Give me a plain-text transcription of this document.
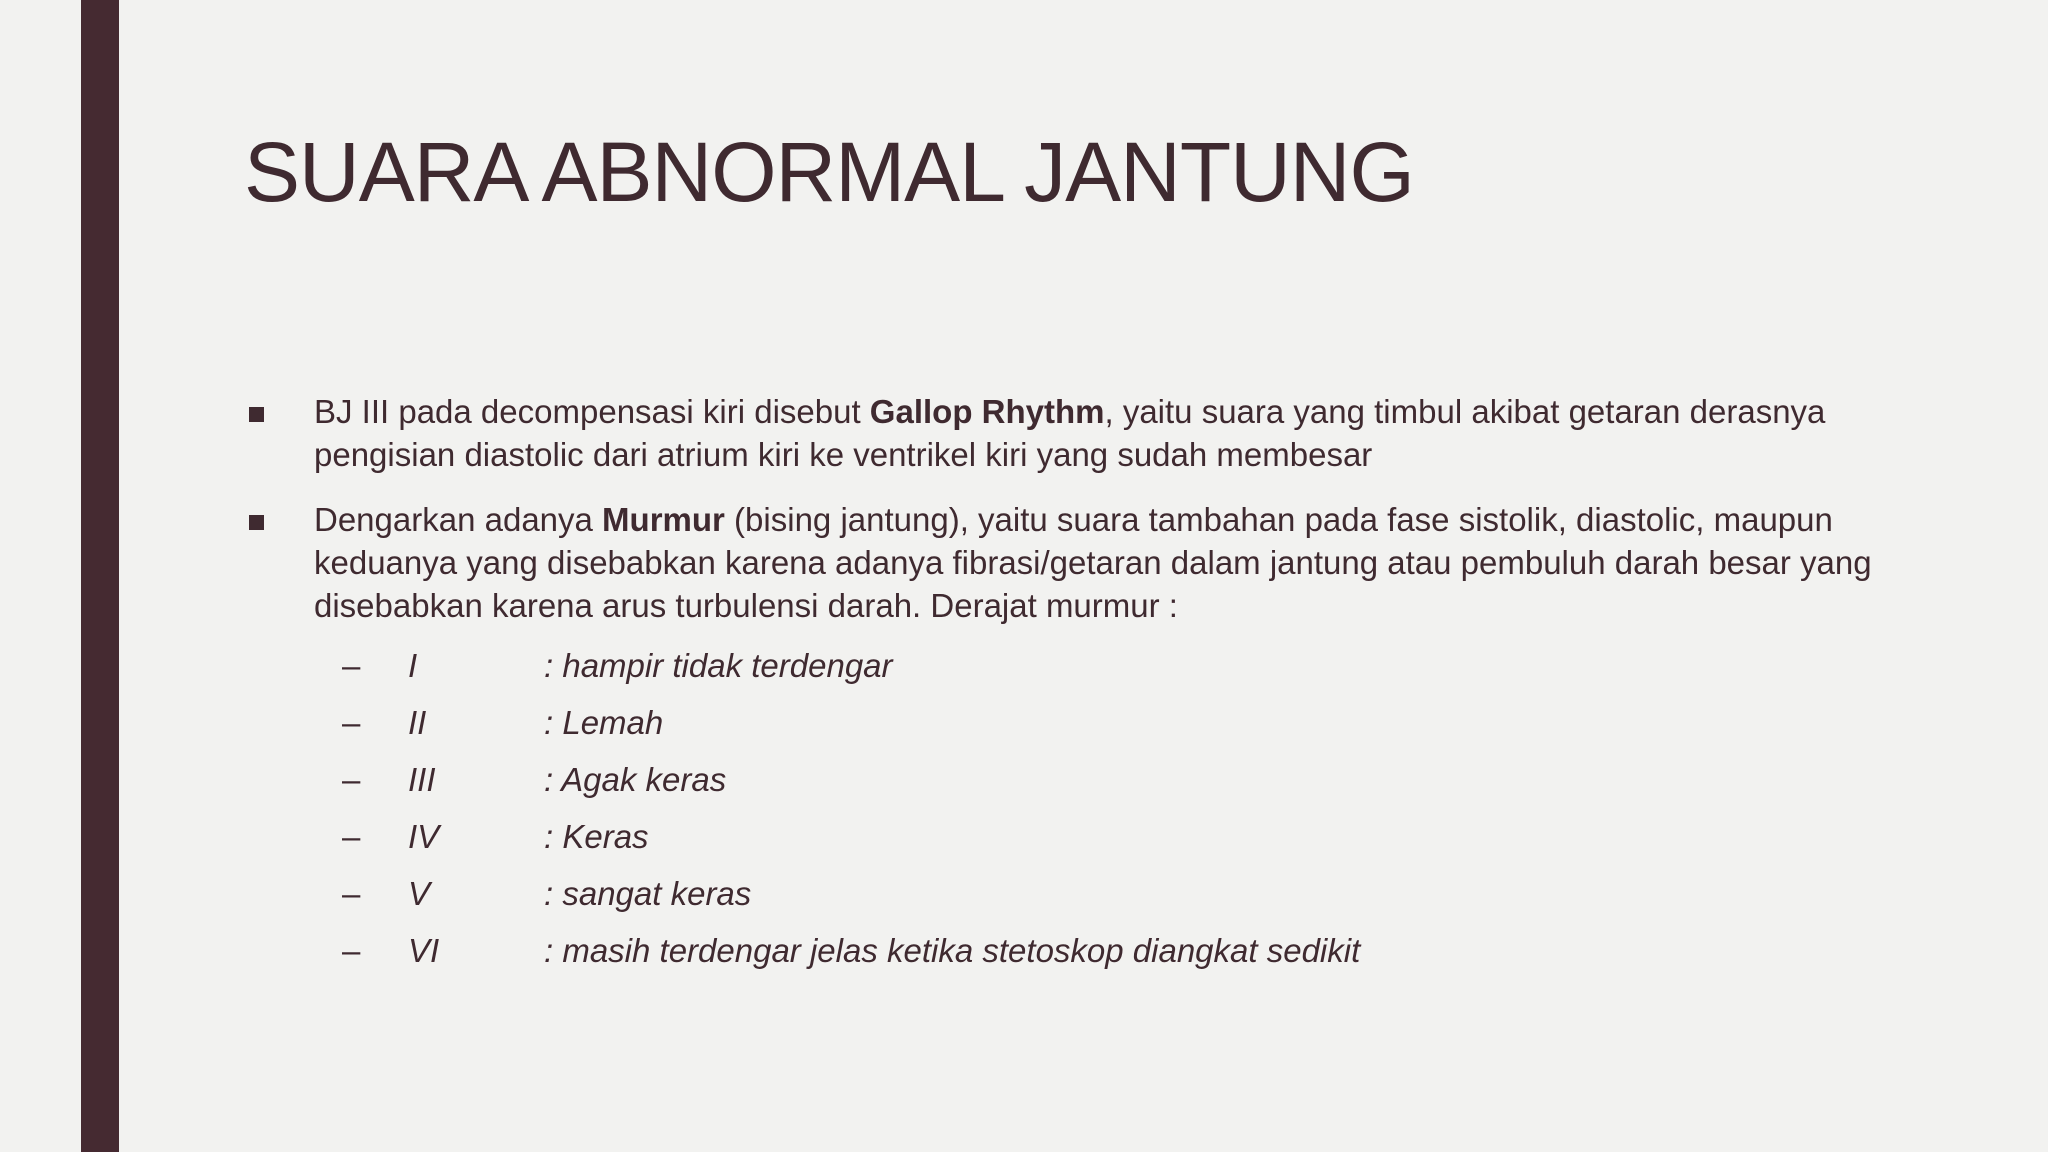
SUARA ABNORMAL JANTUNG
BJ III pada decompensasi kiri disebut Gallop Rhythm, yaitu suara yang timbul akibat getaran derasnya pengisian diastolic dari atrium kiri ke ventrikel kiri yang sudah membesar
Dengarkan adanya Murmur (bising jantung), yaitu suara tambahan pada fase sistolik, diastolic, maupun keduanya yang disebabkan karena adanya fibrasi/getaran dalam jantung atau pembuluh darah besar yang disebabkan karena arus turbulensi darah. Derajat murmur :
– I	: hampir tidak terdengar
– II	: Lemah
– III	: Agak keras
– IV	: Keras
– V	: sangat keras
– VI	: masih terdengar jelas ketika stetoskop diangkat sedikit
